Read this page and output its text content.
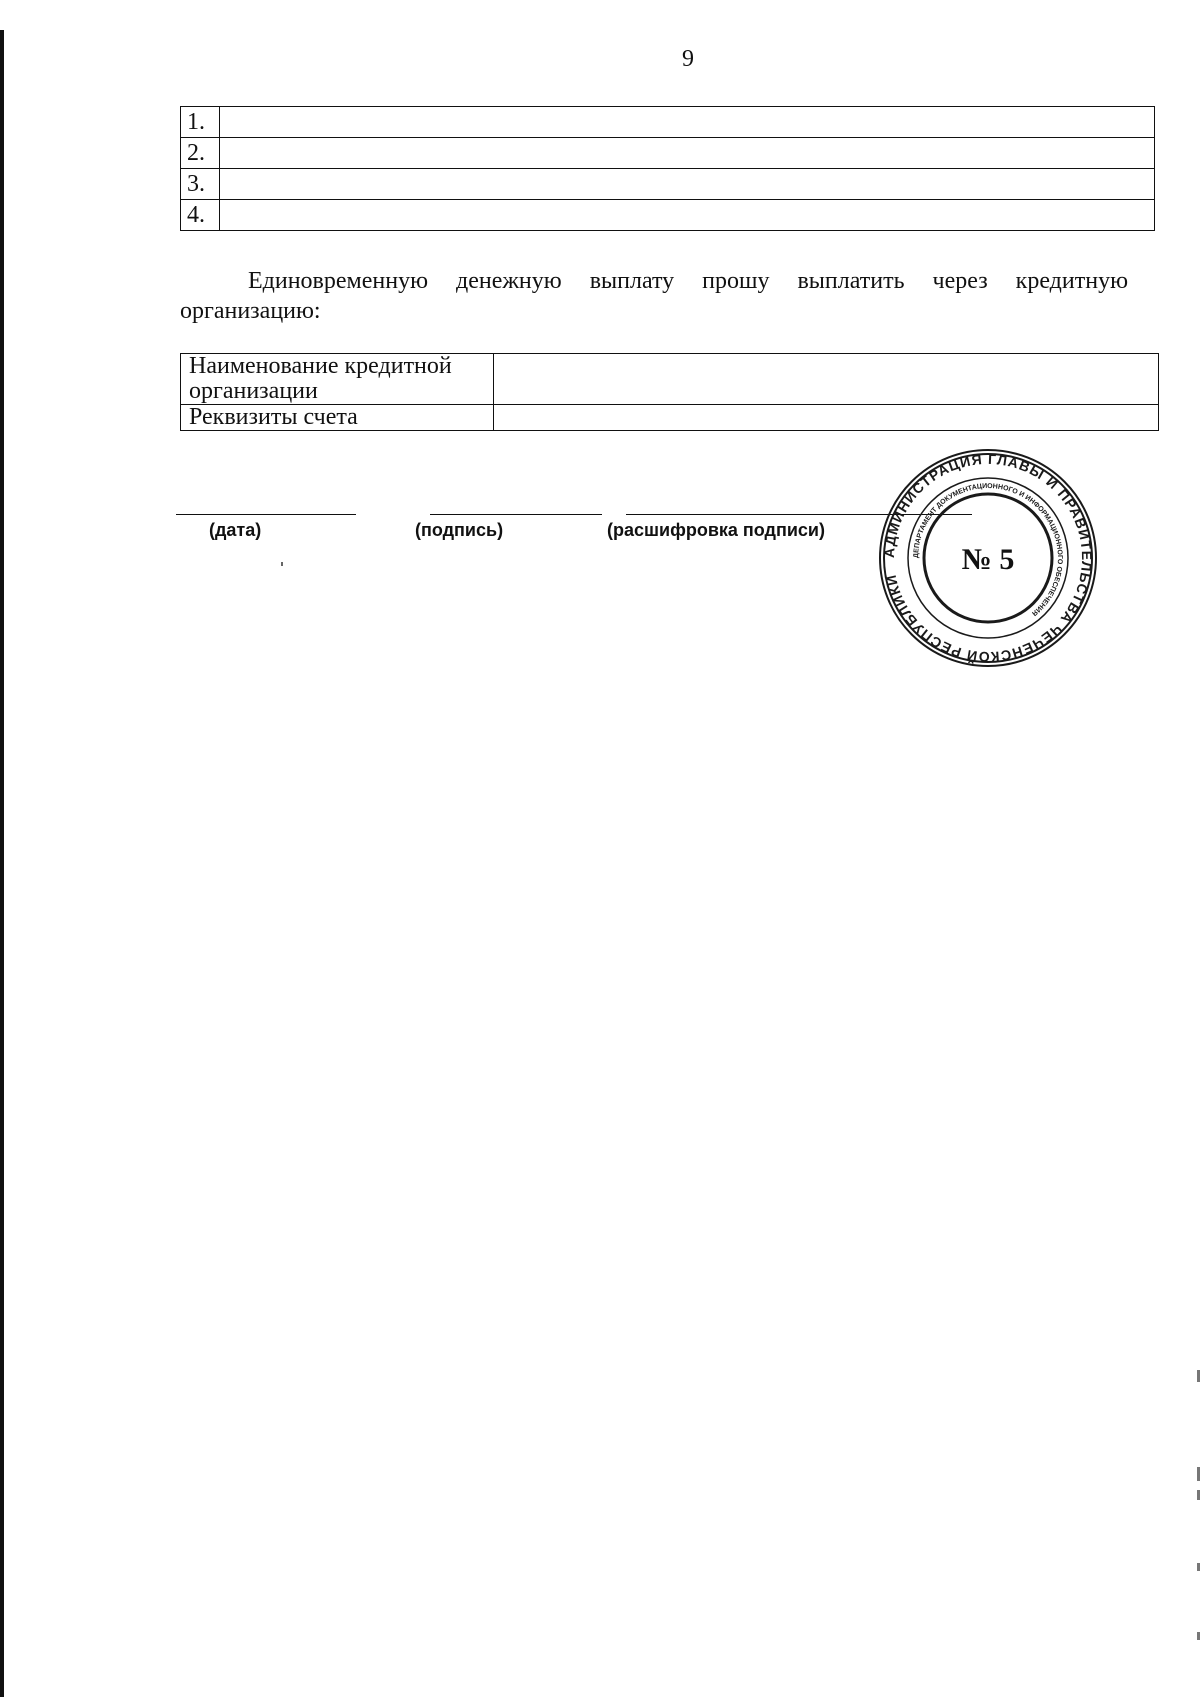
9
1.	
2.	
3.	
4.	
Единовременную денежную выплату прошу выплатить через кредитную организацию:
Наименование кредитной организации	
Реквизиты счета	
(дата)	(подпись)	(расшифровка подписи)
АДМИНИСТРАЦИЯ ГЛАВЫ И ПРАВИТЕЛЬСТВА ЧЕЧЕНСКОЙ РЕСПУБЛИКИ
ДЕПАРТАМЕНТ ДОКУМЕНТАЦИОННОГО И ИНФОРМАЦИОННОГО ОБЕСПЕЧЕНИЯ
№ 5
